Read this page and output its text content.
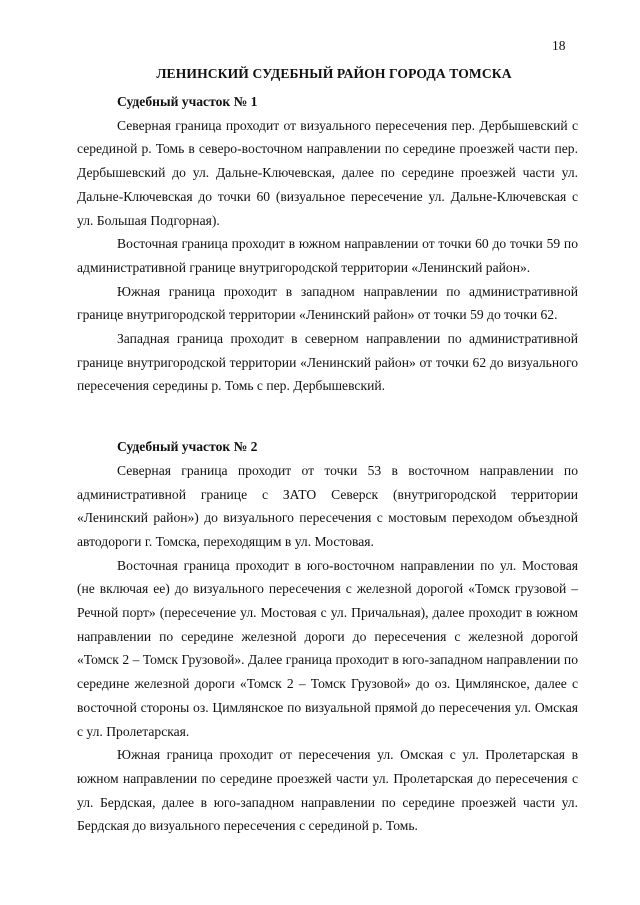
18
ЛЕНИНСКИЙ СУДЕБНЫЙ РАЙОН ГОРОДА ТОМСКА

Судебный участок № 1

Северная граница проходит от визуального пересечения пер. Дербышевский с серединой р. Томь в северо-восточном направлении по середине проезжей части пер. Дербышевский до ул. Дальне-Ключевская, далее по середине проезжей части ул. Дальне-Ключевская до точки 60 (визуальное пересечение ул. Дальне-Ключевская с ул. Большая Подгорная).

Восточная граница проходит в южном направлении от точки 60 до точки 59 по административной границе внутригородской территории «Ленинский район».

Южная граница проходит в западном направлении по административной границе внутригородской территории «Ленинский район» от точки 59 до точки 62.

Западная граница проходит в северном направлении по административной границе внутригородской территории «Ленинский район» от точки 62 до визуального пересечения середины р. Томь с пер. Дербышевский.

Судебный участок № 2

Северная граница проходит от точки 53 в восточном направлении по административной границе с ЗАТО Северск (внутригородской территории «Ленинский район») до визуального пересечения с мостовым переходом объездной автодороги г. Томска, переходящим в ул. Мостовая.

Восточная граница проходит в юго-восточном направлении по ул. Мостовая (не включая ее) до визуального пересечения с железной дорогой «Томск грузовой – Речной порт» (пересечение ул. Мостовая с ул. Причальная), далее проходит в южном направлении по середине железной дороги до пересечения с железной дорогой «Томск 2 – Томск Грузовой». Далее граница проходит в юго-западном направлении по середине железной дороги «Томск 2 – Томск Грузовой» до оз. Цимлянское, далее с восточной стороны оз. Цимлянское по визуальной прямой до пересечения ул. Омская с ул. Пролетарская.

Южная граница проходит от пересечения ул. Омская с ул. Пролетарская в южном направлении по середине проезжей части ул. Пролетарская до пересечения с ул. Бердская, далее в юго-западном направлении по середине проезжей части ул. Бердская до визуального пересечения с серединой р. Томь.
